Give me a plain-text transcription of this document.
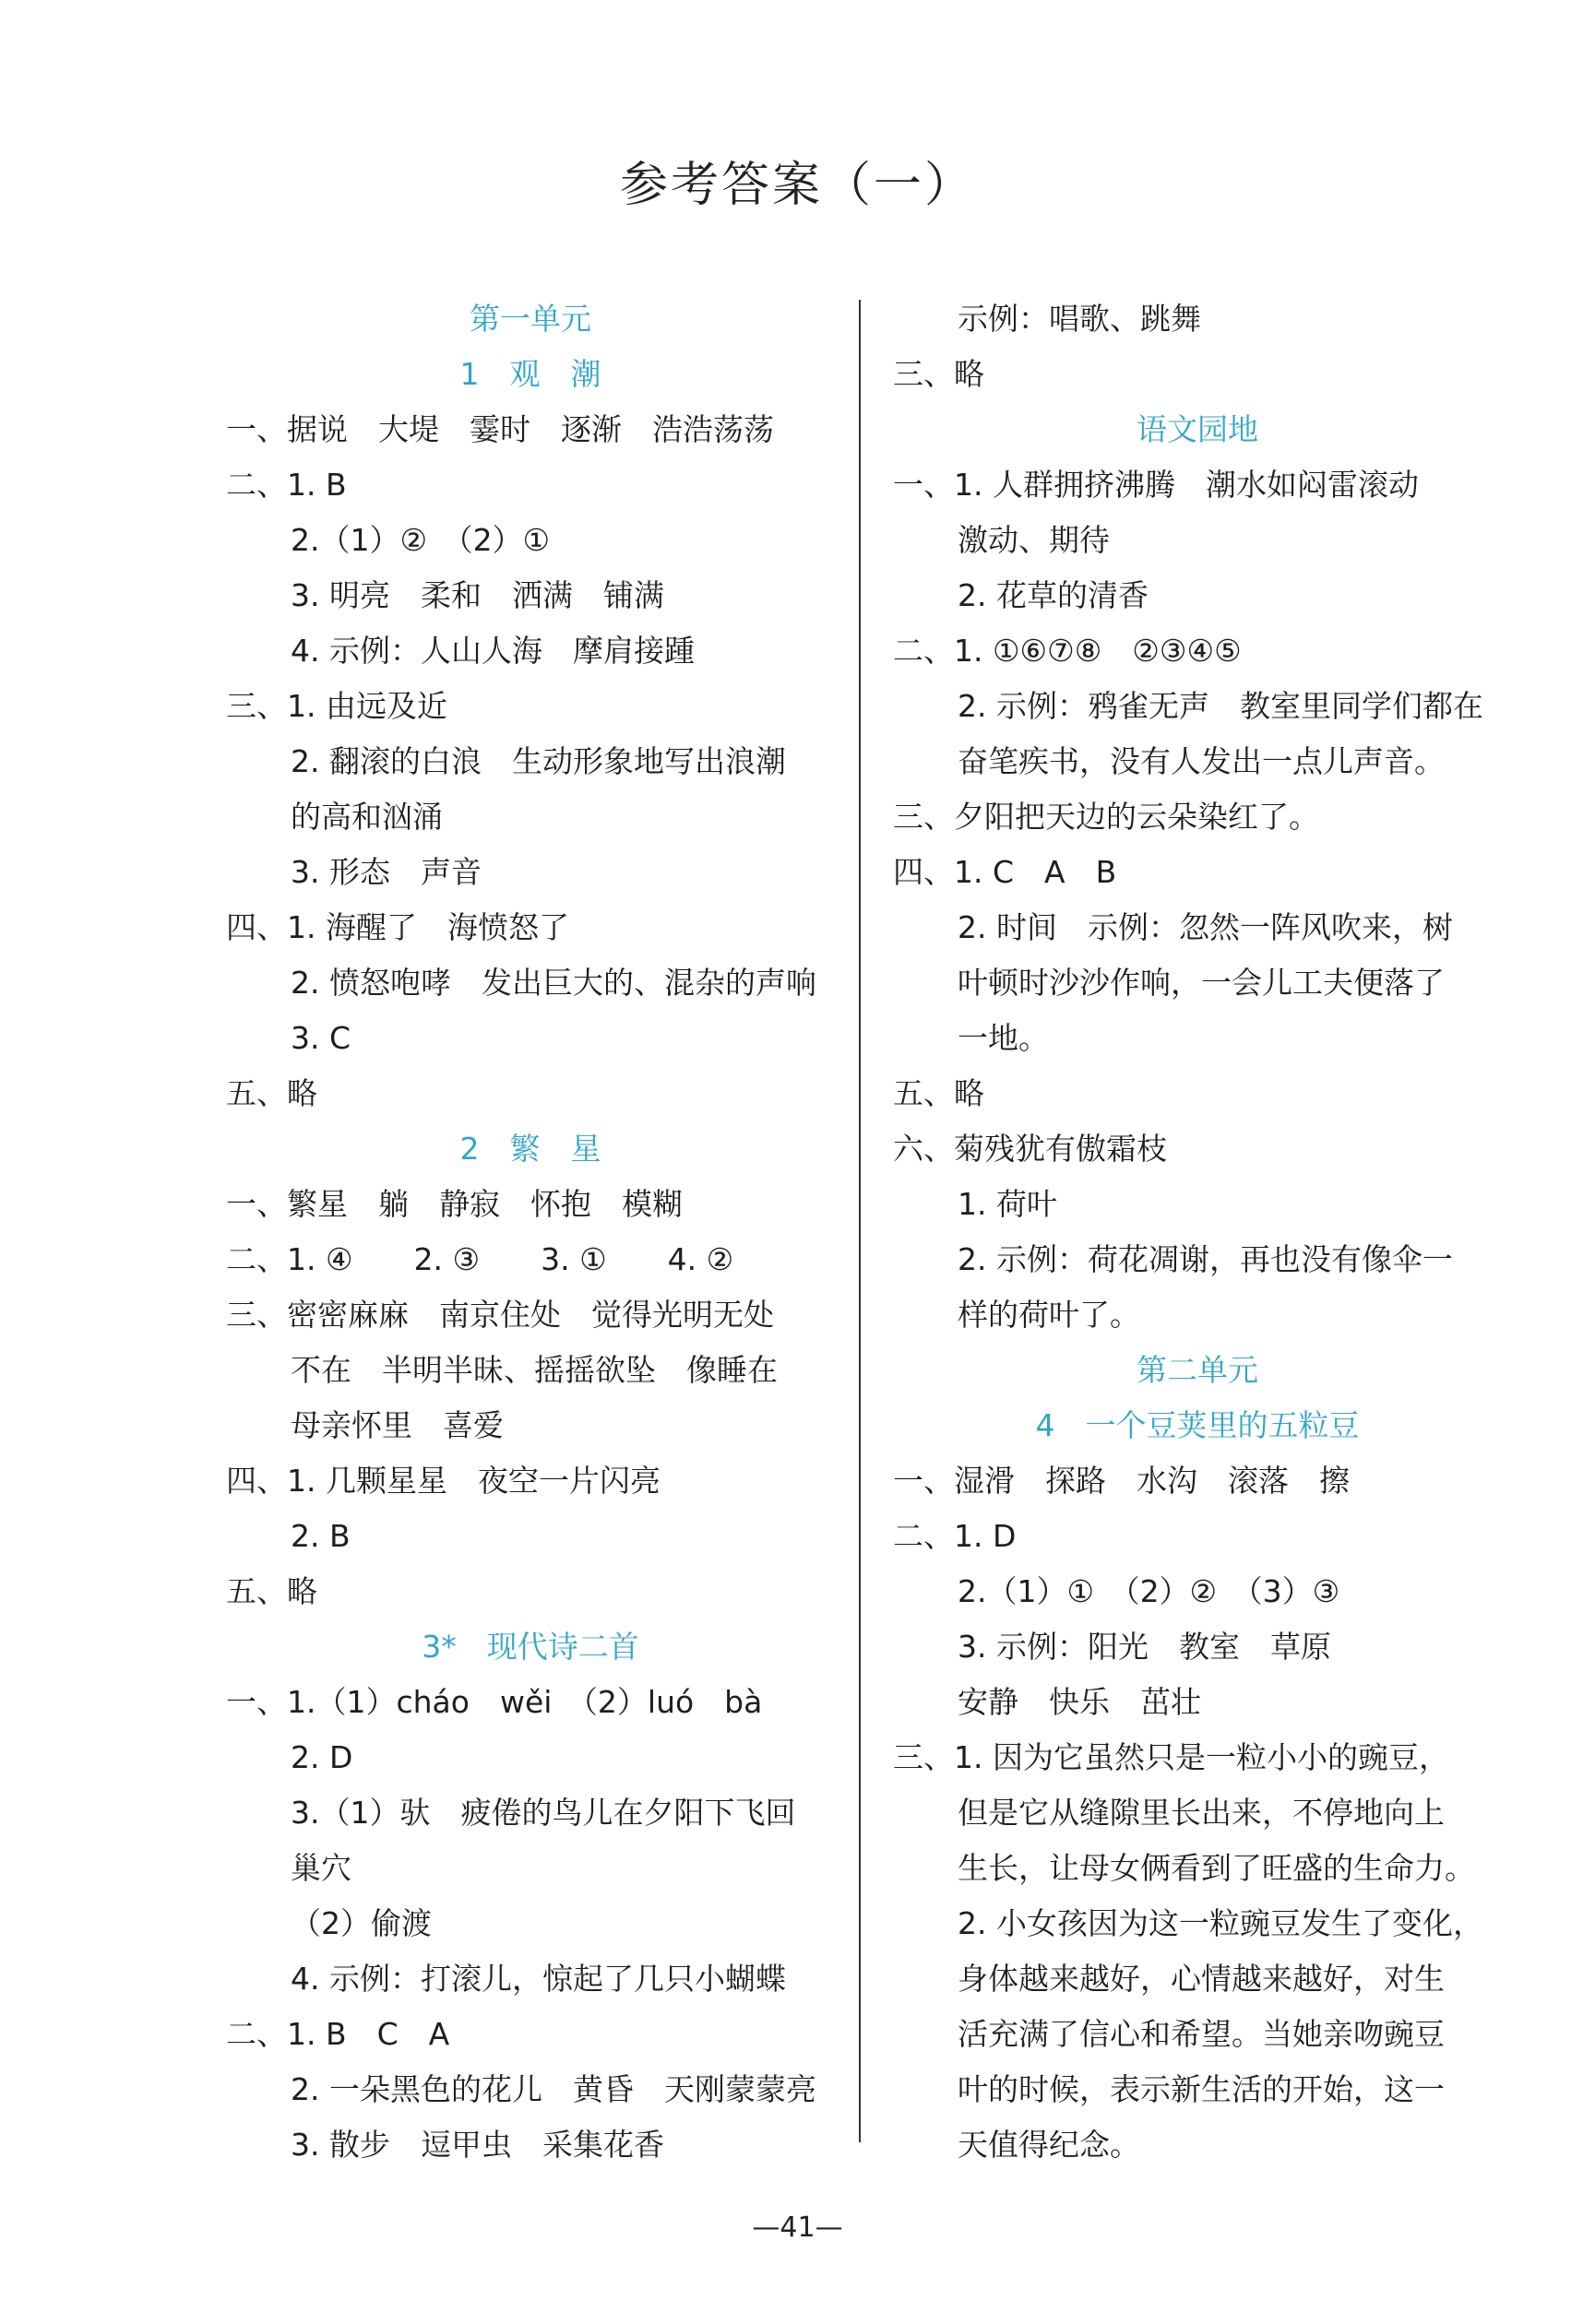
参考答案（一）
第一单元
1　观　潮
一、据说　大堤　霎时　逐渐　浩浩荡荡
二、1. B
2.（1）②　（2）①
3. 明亮　柔和　洒满　铺满
4. 示例：人山人海　摩肩接踵
三、1. 由远及近
2. 翻滚的白浪　生动形象地写出浪潮
的高和汹涌
3. 形态　声音
四、1. 海醒了　海愤怒了
2. 愤怒咆哮　发出巨大的、混杂的声响
3. C
五、略
2　繁　星
一、繁星　躺　静寂　怀抱　模糊
二、1. ④　　2. ③　　3. ①　　4. ②
三、密密麻麻　南京住处　觉得光明无处
不在　半明半昧、摇摇欲坠　像睡在
母亲怀里　喜爱
四、1. 几颗星星　夜空一片闪亮
2. B
五、略
3*　现代诗二首
一、1.（1）cháo　wěi　（2）luó　bà
2. D
3.（1）驮　疲倦的鸟儿在夕阳下飞回
巢穴
（2）偷渡
4. 示例：打滚儿，惊起了几只小蝴蝶
二、1. B　C　A
2. 一朵黑色的花儿　黄昏　天刚蒙蒙亮
3. 散步　逗甲虫　采集花香
示例：唱歌、跳舞
三、略
语文园地
一、1. 人群拥挤沸腾　潮水如闷雷滚动
激动、期待
2. 花草的清香
二、1. ①⑥⑦⑧　②③④⑤
2. 示例：鸦雀无声　教室里同学们都在
奋笔疾书，没有人发出一点儿声音。
三、夕阳把天边的云朵染红了。
四、1. C　A　B
2. 时间　示例：忽然一阵风吹来，树
叶顿时沙沙作响，一会儿工夫便落了
一地。
五、略
六、菊残犹有傲霜枝
1. 荷叶
2. 示例：荷花凋谢，再也没有像伞一
样的荷叶了。
第二单元
4　一个豆荚里的五粒豆
一、湿滑　探路　水沟　滚落　擦
二、1. D
2.（1）①　（2）②　（3）③
3. 示例：阳光　教室　草原
安静　快乐　茁壮
三、1. 因为它虽然只是一粒小小的豌豆，
但是它从缝隙里长出来，不停地向上
生长，让母女俩看到了旺盛的生命力。
2. 小女孩因为这一粒豌豆发生了变化，
身体越来越好，心情越来越好，对生
活充满了信心和希望。当她亲吻豌豆
叶的时候，表示新生活的开始，这一
天值得纪念。
—41—
